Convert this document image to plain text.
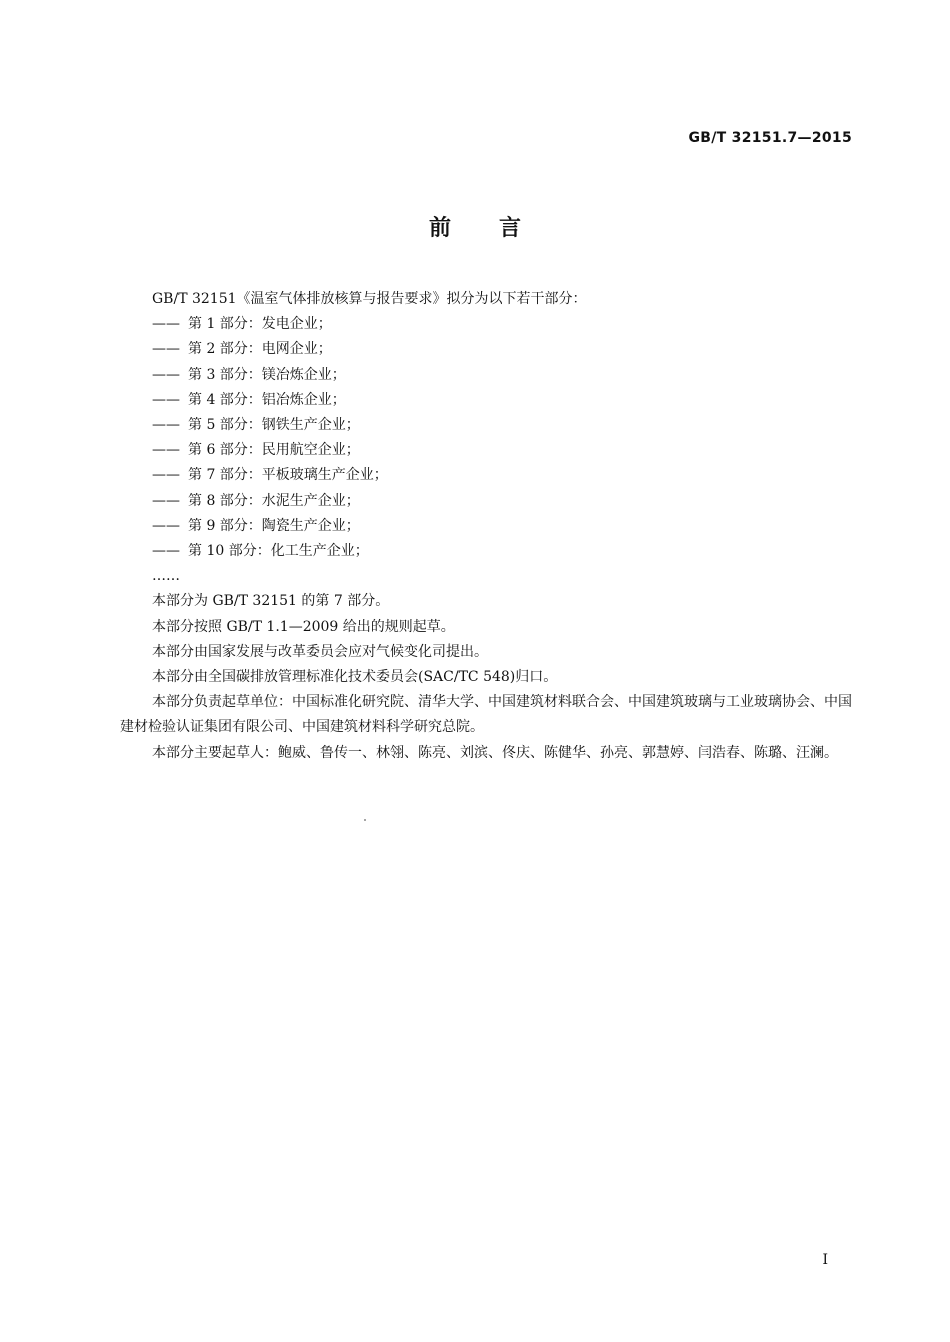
GB/T 32151.7—2015
前言

GB/T 32151《温室气体排放核算与报告要求》拟分为以下若干部分：

—— 第 1 部分：发电企业；

—— 第 2 部分：电网企业；

—— 第 3 部分：镁冶炼企业；

—— 第 4 部分：铝冶炼企业；

—— 第 5 部分：钢铁生产企业；

—— 第 6 部分：民用航空企业；

—— 第 7 部分：平板玻璃生产企业；

—— 第 8 部分：水泥生产企业；

—— 第 9 部分：陶瓷生产企业；

—— 第 10 部分：化工生产企业；

……

本部分为 GB/T 32151 的第 7 部分。

本部分按照 GB/T 1.1—2009 给出的规则起草。

本部分由国家发展与改革委员会应对气候变化司提出。

本部分由全国碳排放管理标准化技术委员会(SAC/TC 548)归口。

本部分负责起草单位：中国标准化研究院、清华大学、中国建筑材料联合会、中国建筑玻璃与工业玻璃协会、中国建材检验认证集团有限公司、中国建筑材料科学研究总院。

本部分主要起草人：鲍威、鲁传一、林翎、陈亮、刘滨、佟庆、陈健华、孙亮、郭慧婷、闫浩春、陈璐、汪澜。

I
